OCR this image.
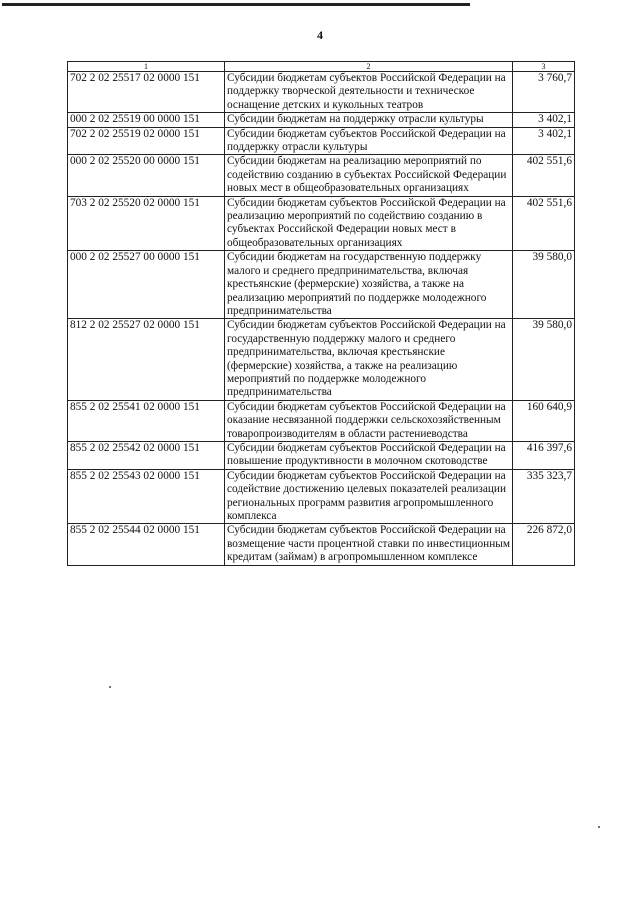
4
1	2	3
702 2 02 25517 02 0000 151	Субсидии бюджетам субъектов Российской Федерации на поддержку творческой деятельности и техническое оснащение детских и кукольных театров	3 760,7
000 2 02 25519 00 0000 151	Субсидии бюджетам на поддержку отрасли культуры	3 402,1
702 2 02 25519 02 0000 151	Субсидии бюджетам субъектов Российской Федерации на поддержку отрасли культуры	3 402,1
000 2 02 25520 00 0000 151	Субсидии бюджетам на реализацию мероприятий по содействию созданию в субъектах Российской Федерации новых мест в общеобразовательных организациях	402 551,6
703 2 02 25520 02 0000 151	Субсидии бюджетам субъектов Российской Федерации на реализацию мероприятий по содействию созданию в субъектах Российской Федерации новых мест в общеобразовательных организациях	402 551,6
000 2 02 25527 00 0000 151	Субсидии бюджетам на государственную поддержку малого и среднего предпринимательства, включая крестьянские (фермерские) хозяйства, а также на реализацию мероприятий по поддержке молодежного предпринимательства	39 580,0
812 2 02 25527 02 0000 151	Субсидии бюджетам субъектов Российской Федерации на государственную поддержку малого и среднего предпринимательства, включая крестьянские (фермерские) хозяйства, а также на реализацию мероприятий по поддержке молодежного предпринимательства	39 580,0
855 2 02 25541 02 0000 151	Субсидии бюджетам субъектов Российской Федерации на оказание несвязанной поддержки сельскохозяйственным товаропроизводителям в области растениеводства	160 640,9
855 2 02 25542 02 0000 151	Субсидии бюджетам субъектов Российской Федерации на повышение продуктивности в молочном скотоводстве	416 397,6
855 2 02 25543 02 0000 151	Субсидии бюджетам субъектов Российской Федерации на содействие достижению целевых показателей реализации региональных программ развития агропромышленного комплекса	335 323,7
855 2 02 25544 02 0000 151	Субсидии бюджетам субъектов Российской Федерации на возмещение части процентной ставки по инвестиционным кредитам (займам) в агропромышленном комплексе	226 872,0
